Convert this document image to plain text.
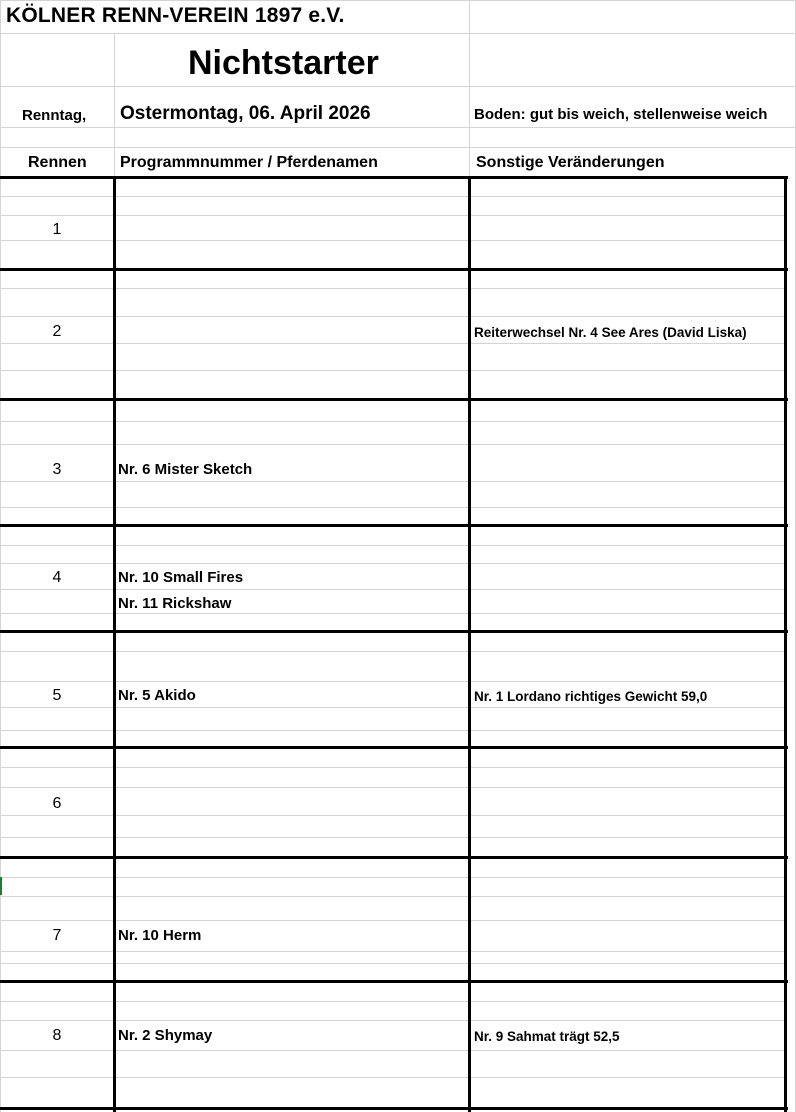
KÖLNER RENN-VEREIN 1897 e.V.
Nichtstarter
Renntag, Ostermontag, 06. April 2026	Boden: gut bis weich, stellenweise weich
Rennen Programmnummer / Pferdenamen	Sonstige Veränderungen
1
2
3
4
5
6
7
8
Nr. 6 Mister Sketch
Nr. 10 Small Fires
Nr. 11 Rickshaw
Nr. 5 Akido
Nr. 10 Herm
Nr. 2 Shymay
Reiterwechsel Nr. 4 See Ares (David Liska)
Nr. 1 Lordano richtiges Gewicht 59,0
Nr. 9 Sahmat trägt 52,5
